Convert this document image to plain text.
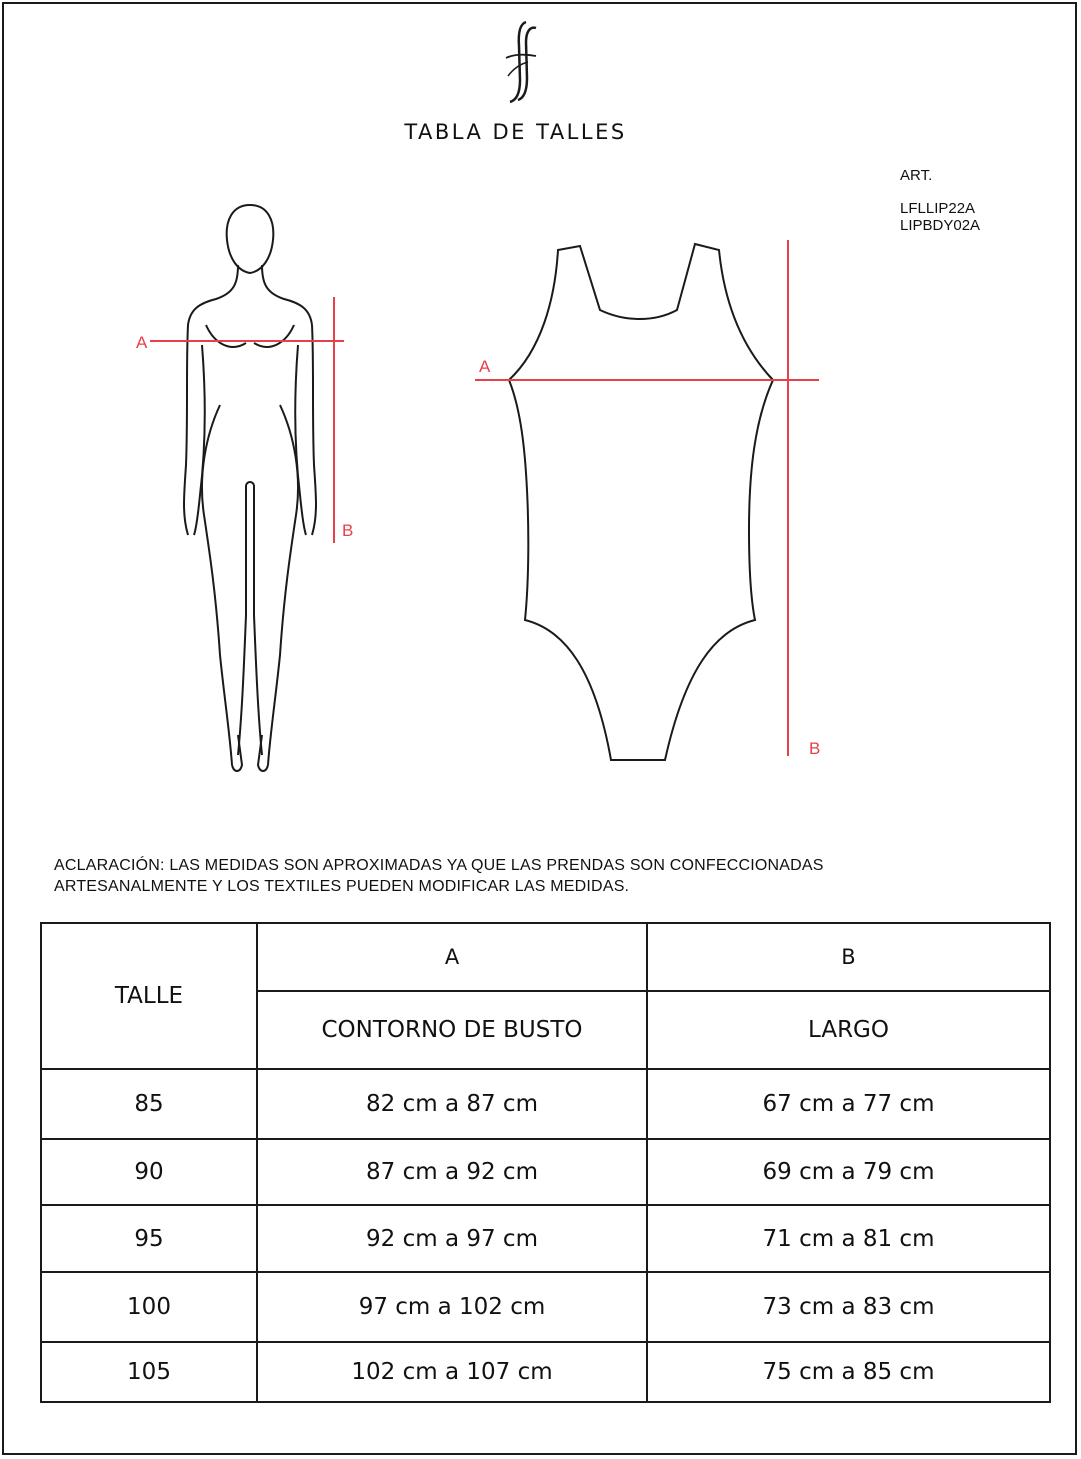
TABLA DE TALLES
ART.
LFLLIP22A
LIPBDY02A
A
B
A
B
ACLARACIÓN: LAS MEDIDAS SON APROXIMADAS YA QUE LAS PRENDAS SON CONFECCIONADAS
ARTESANALMENTE Y LOS TEXTILES PUEDEN MODIFICAR LAS MEDIDAS.
TALLE	A	B
	CONTORNO DE BUSTO	LARGO
85	82 cm a 87 cm	67 cm a 77 cm
90	87 cm a 92 cm	69 cm a 79 cm
95	92 cm a 97 cm	71 cm a 81 cm
100	97 cm a 102 cm	73 cm a 83 cm
105	102 cm a 107 cm	75 cm a 85 cm
